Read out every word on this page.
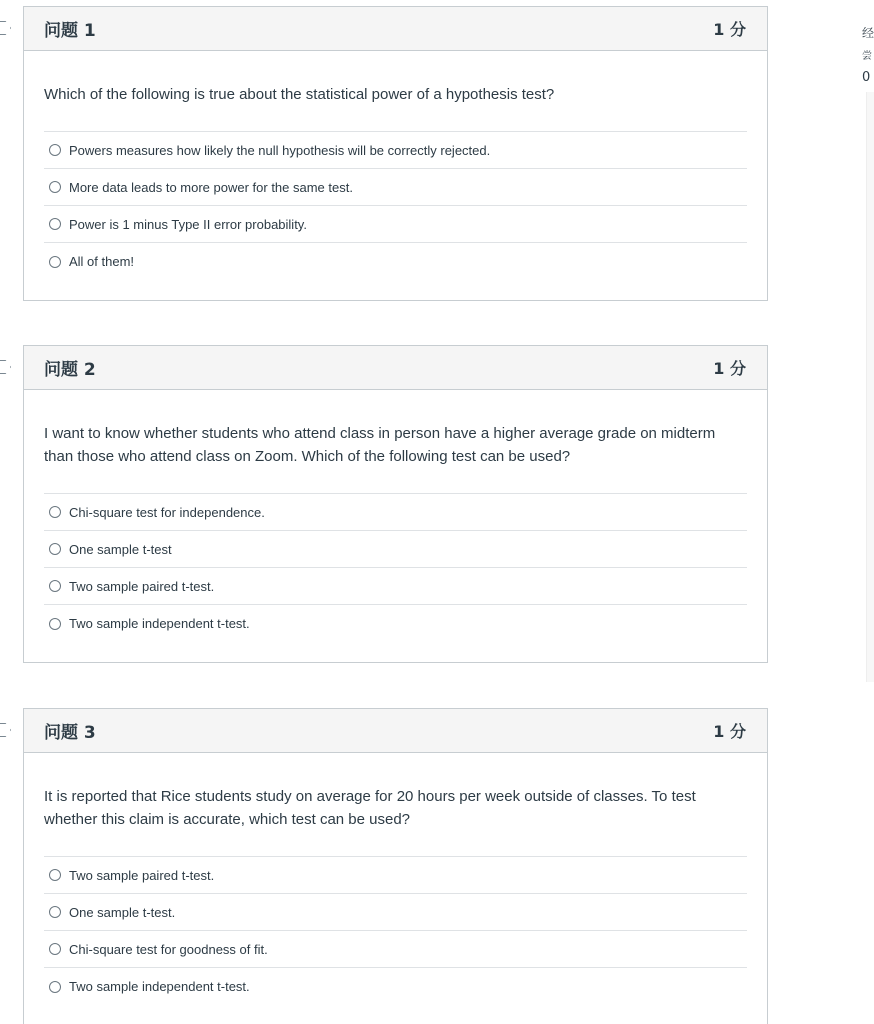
问题 1	1 分

Which of the following is true about the statistical power of a hypothesis test?

Powers measures how likely the null hypothesis will be correctly rejected.
More data leads to more power for the same test.
Power is 1 minus Type II error probability.
All of them!
问题 2	1 分

I want to know whether students who attend class in person have a higher average grade on midterm than those who attend class on Zoom. Which of the following test can be used?

Chi-square test for independence.
One sample t-test
Two sample paired t-test.
Two sample independent t-test.
问题 3	1 分

It is reported that Rice students study on average for 20 hours per week outside of classes. To test whether this claim is accurate, which test can be used?

Two sample paired t-test.
One sample t-test.
Chi-square test for goodness of fit.
Two sample independent t-test.
经
尝
0
